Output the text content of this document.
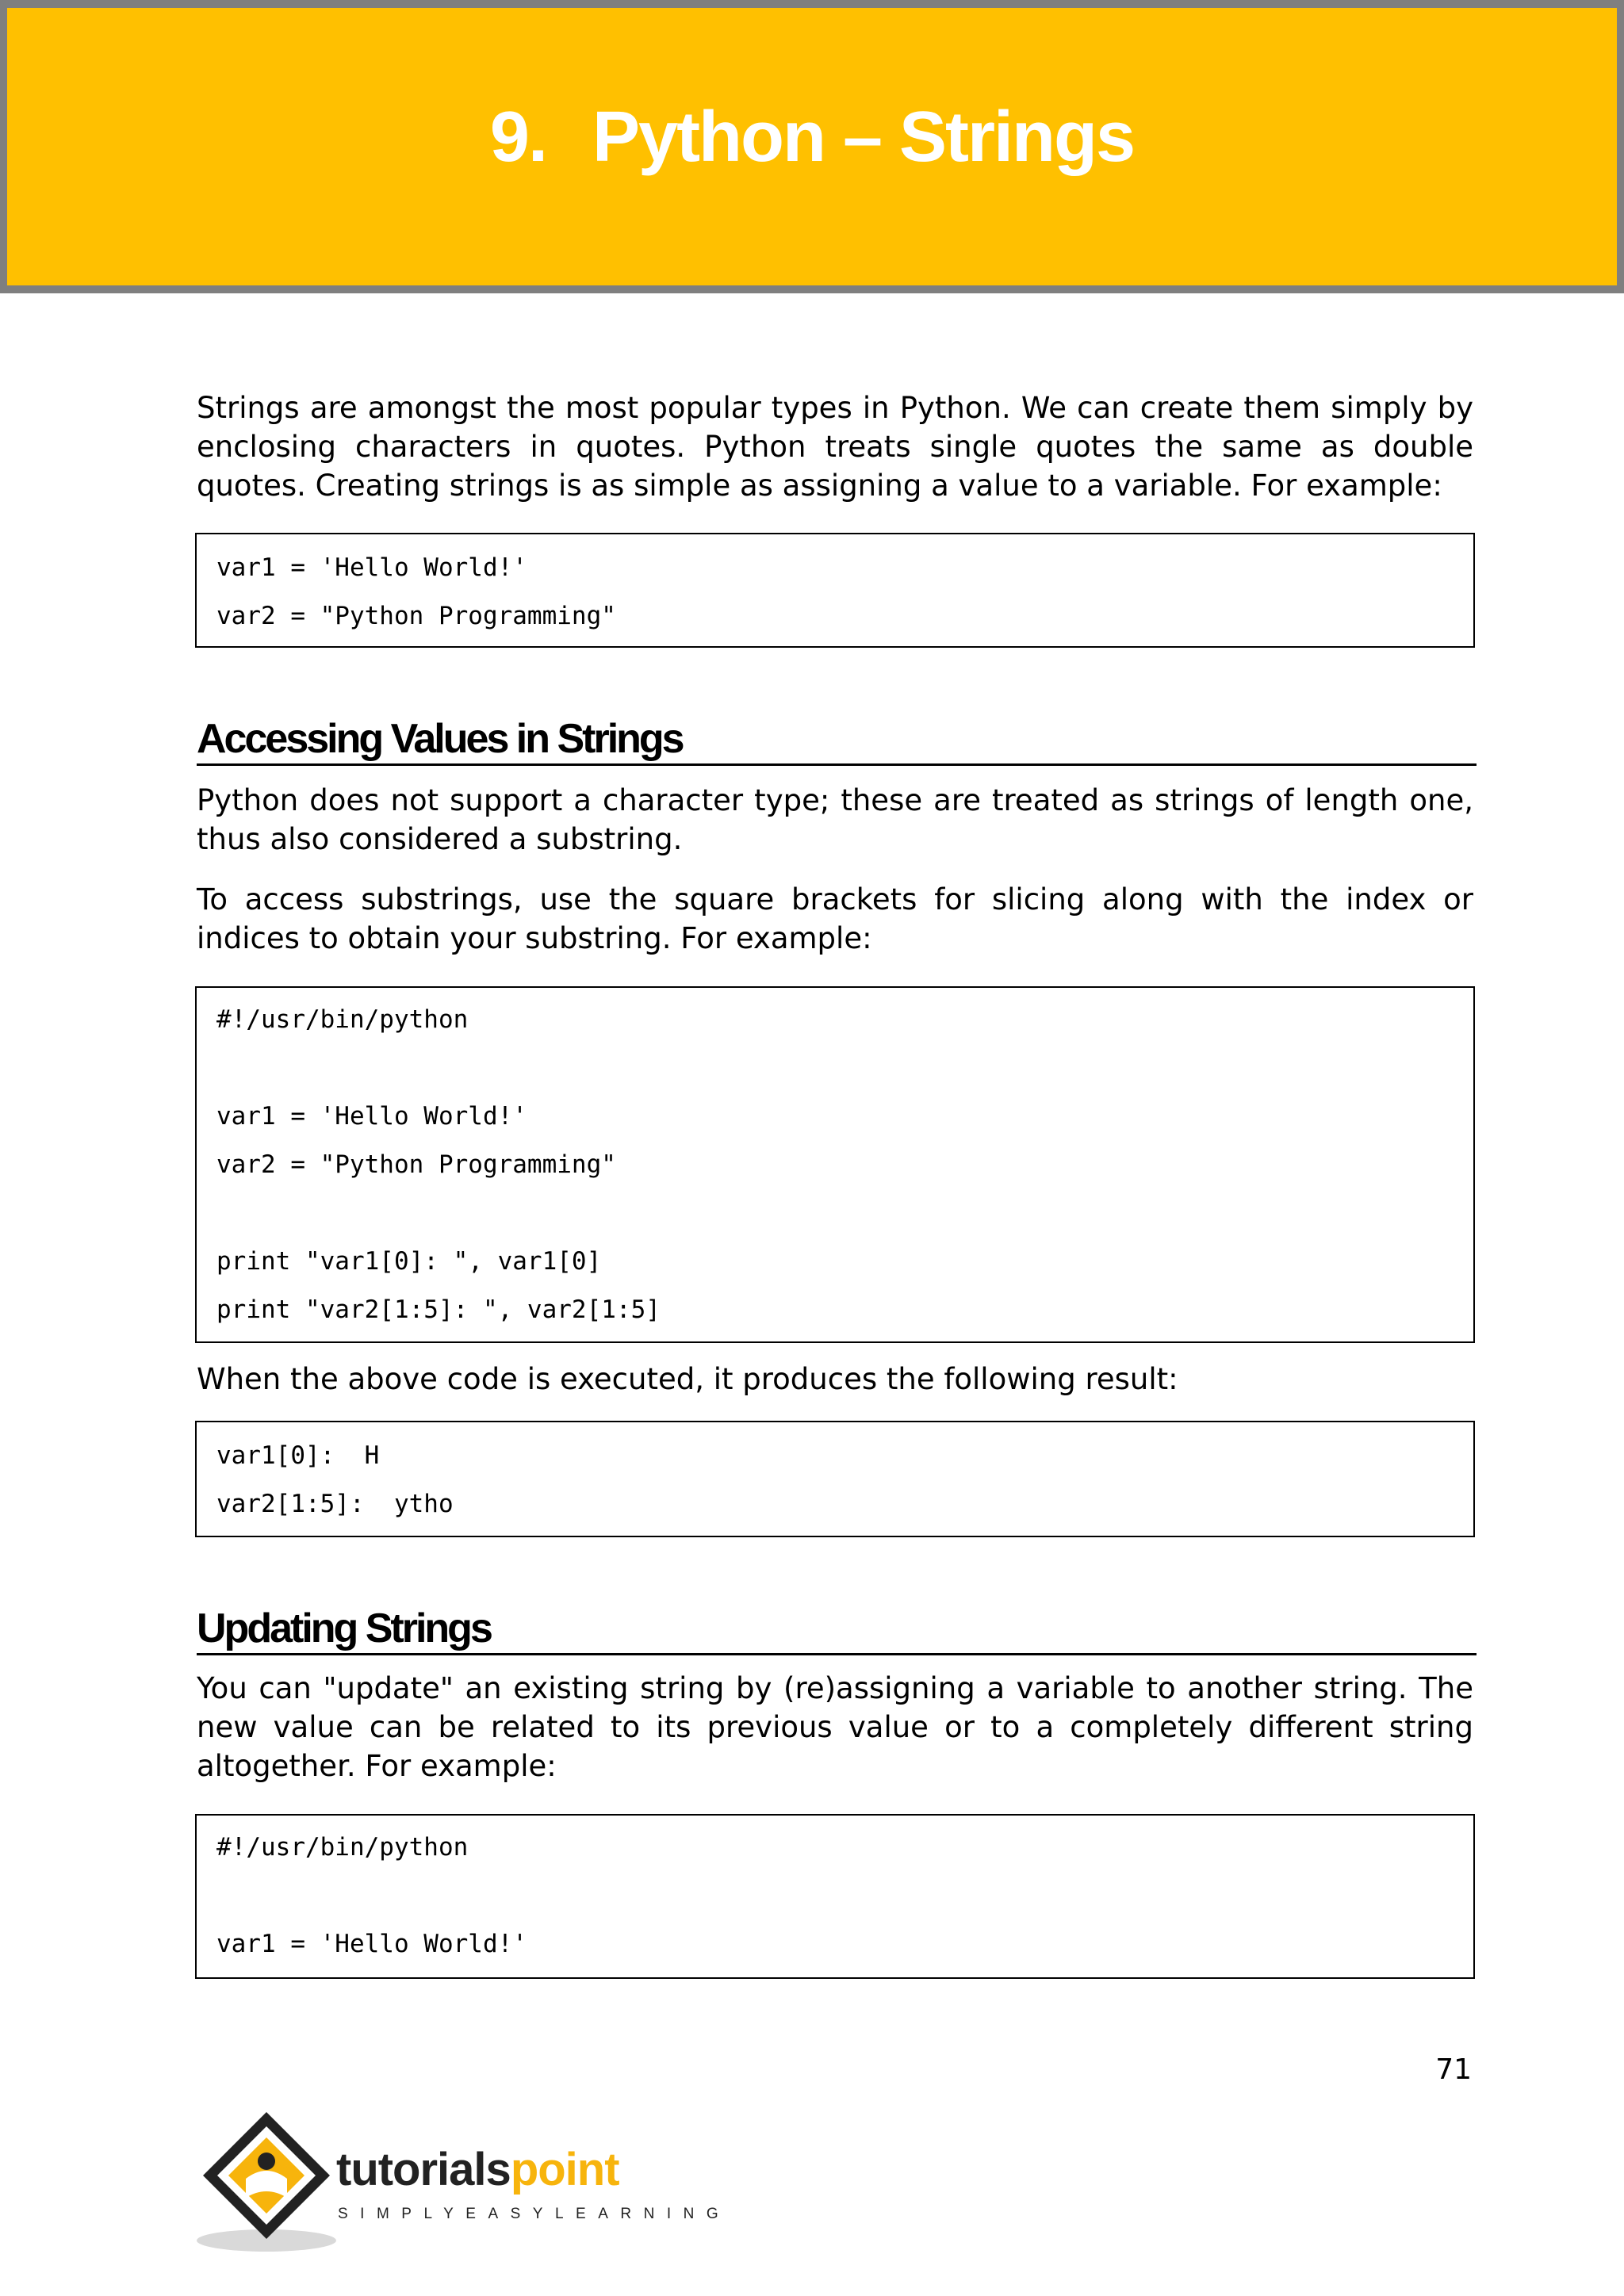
9. Python – Strings

Strings are amongst the most popular types in Python. We can create them simply by enclosing characters in quotes. Python treats single quotes the same as double quotes. Creating strings is as simple as assigning a value to a variable. For example:

var1 = 'Hello World!'
var2 = "Python Programming"
Accessing Values in Strings

Python does not support a character type; these are treated as strings of length one, thus also considered a substring.

To access substrings, use the square brackets for slicing along with the index or indices to obtain your substring. For example:

#!/usr/bin/python
var1 = 'Hello World!'
var2 = "Python Programming"
print "var1[0]: ", var1[0]
print "var2[1:5]: ", var2[1:5]

When the above code is executed, it produces the following result:

var1[0]:  H
var2[1:5]:  ytho
Updating Strings

You can "update" an existing string by (re)assigning a variable to another string. The new value can be related to its previous value or to a completely different string altogether. For example:

#!/usr/bin/python
var1 = 'Hello World!'
71
tutorialspoint
SIMPLYEASYLEARNING
